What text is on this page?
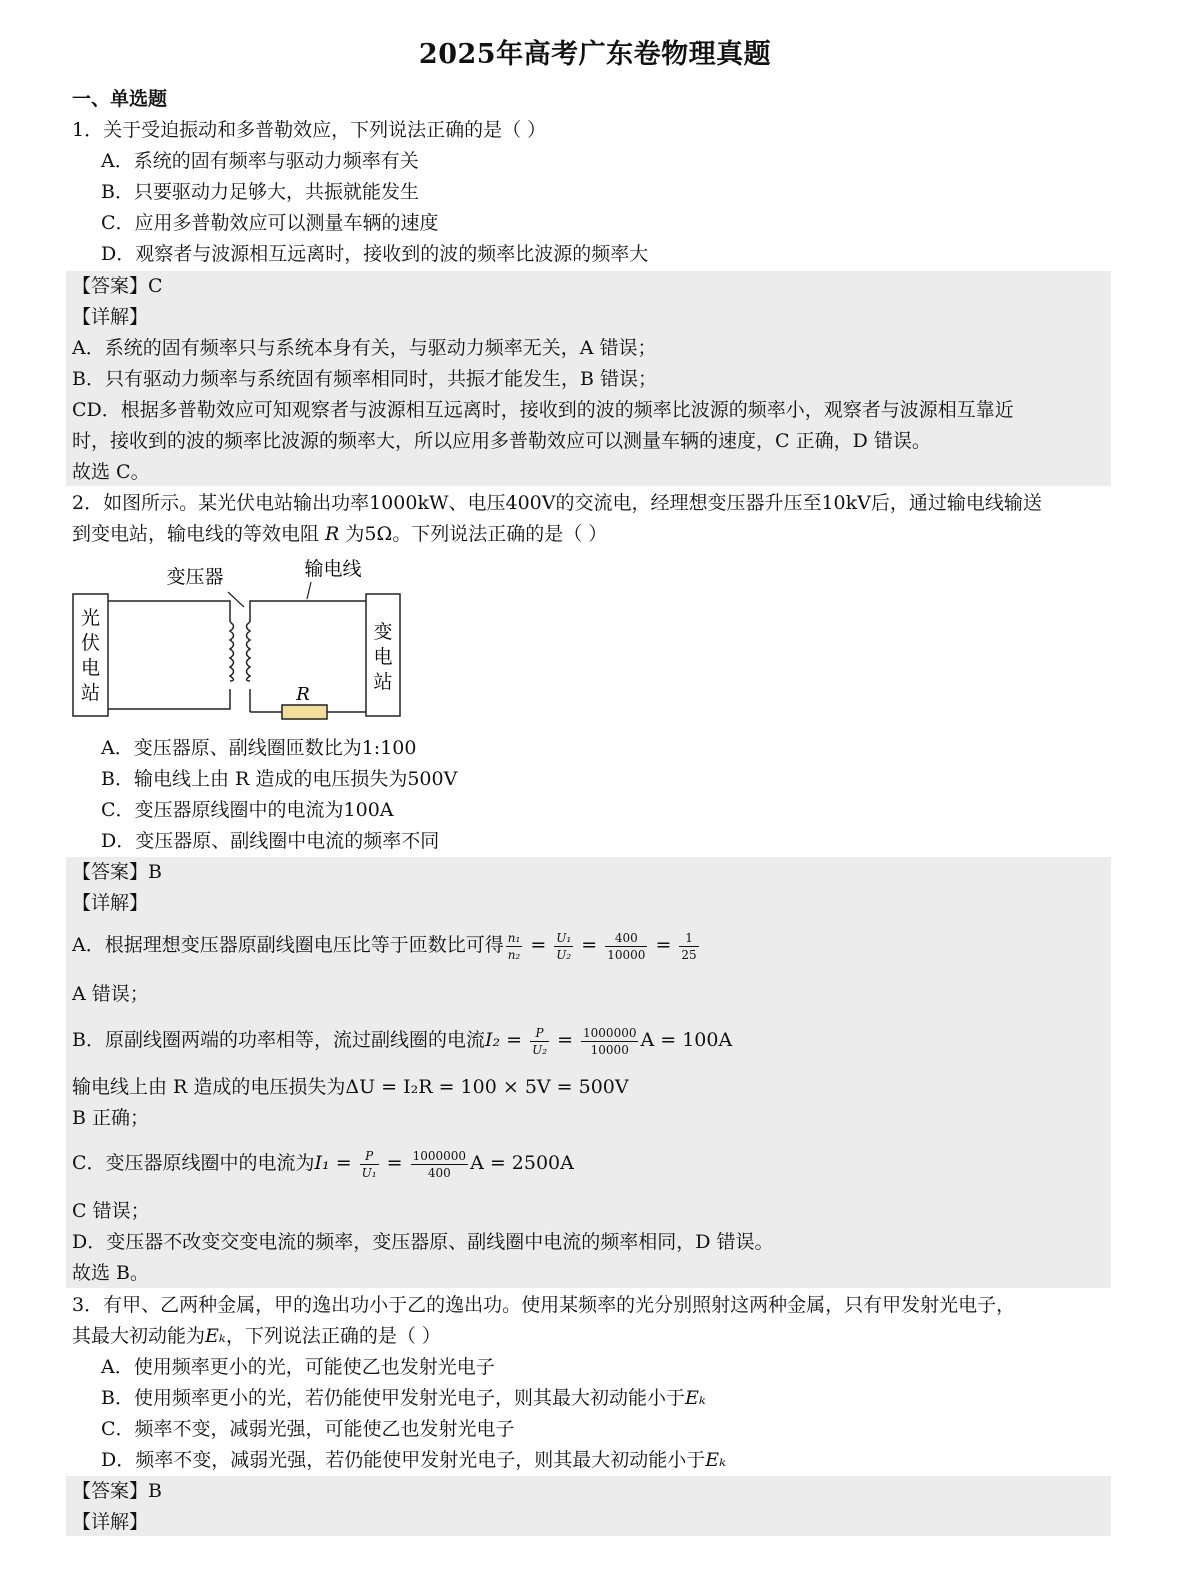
2025年高考广东卷物理真题
一、单选题
1．关于受迫振动和多普勒效应，下列说法正确的是（ ）
A．系统的固有频率与驱动力频率有关
B．只要驱动力足够大，共振就能发生
C．应用多普勒效应可以测量车辆的速度
D．观察者与波源相互远离时，接收到的波的频率比波源的频率大
【答案】C
【详解】
A．系统的固有频率只与系统本身有关，与驱动力频率无关，A 错误；
B．只有驱动力频率与系统固有频率相同时，共振才能发生，B 错误；
CD．根据多普勒效应可知观察者与波源相互远离时，接收到的波的频率比波源的频率小，观察者与波源相互靠近
时，接收到的波的频率比波源的频率大，所以应用多普勒效应可以测量车辆的速度，C 正确，D 错误。
故选 C。
2．如图所示。某光伏电站输出功率1000kW、电压400V的交流电，经理想变压器升压至10kV后，通过输电线输送
到变电站，输电线的等效电阻 R 为5Ω。下列说法正确的是（ ）
光
伏
电
站
变
电
站
变压器	输电线
R
A．变压器原、副线圈匝数比为1:100
B．输电线上由 R 造成的电压损失为500V
C．变压器原线圈中的电流为100A
D．变压器原、副线圈中电流的频率不同
【答案】B
【详解】
A．根据理想变压器原副线圈电压比等于匝数比可得 $\frac{\text{n₁}}{\text{n₂}} = \frac{\text{U₁}}{\text{U₂}} = \frac{400}{10000} = \frac{1}{25}$
A 错误；
B．原副线圈两端的功率相等，流过副线圈的电流$I_2 = \frac{P}{\text{U₂}} = \frac{1000000}{10000}$ A = 100A
输电线上由 R 造成的电压损失为ΔU = I₂R = 100 × 5V = 500V
B 正确；
C．变压器原线圈中的电流为$I_1 = \frac{P}{\text{U₁}} = \frac{1000000}{400}$ A = 2500A
C 错误；
D．变压器不改变交变电流的频率，变压器原、副线圈中电流的频率相同，D 错误。
故选 B。
3．有甲、乙两种金属，甲的逸出功小于乙的逸出功。使用某频率的光分别照射这两种金属，只有甲发射光电子，
其最大初动能为Eₖ，下列说法正确的是（ ）
A．使用频率更小的光，可能使乙也发射光电子
B．使用频率更小的光，若仍能使甲发射光电子，则其最大初动能小于Eₖ
C．频率不变，减弱光强，可能使乙也发射光电子
D．频率不变，减弱光强，若仍能使甲发射光电子，则其最大初动能小于Eₖ
【答案】B
【详解】
